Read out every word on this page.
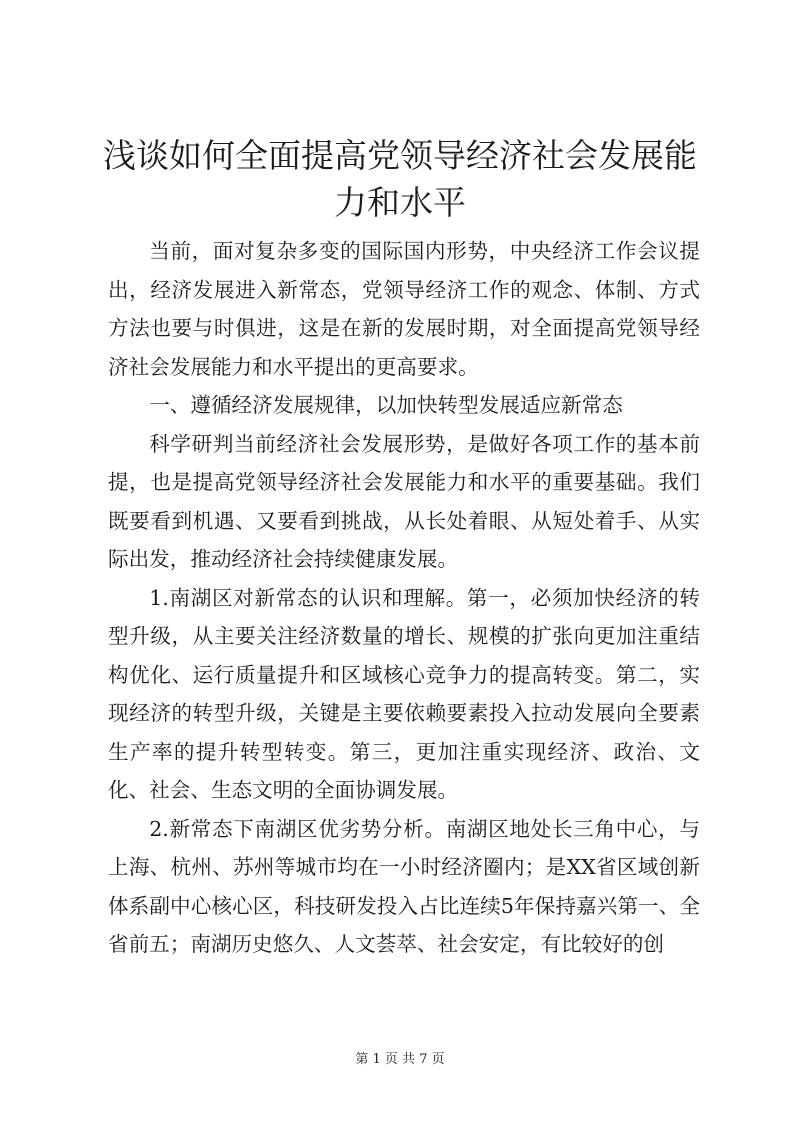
浅谈如何全面提高党领导经济社会发展能力和水平

当前，面对复杂多变的国际国内形势，中央经济工作会议提出，经济发展进入新常态，党领导经济工作的观念、体制、方式方法也要与时俱进，这是在新的发展时期，对全面提高党领导经济社会发展能力和水平提出的更高要求。

一、遵循经济发展规律，以加快转型发展适应新常态

科学研判当前经济社会发展形势，是做好各项工作的基本前提，也是提高党领导经济社会发展能力和水平的重要基础。我们既要看到机遇、又要看到挑战，从长处着眼、从短处着手、从实际出发，推动经济社会持续健康发展。

1.南湖区对新常态的认识和理解。第一，必须加快经济的转型升级，从主要关注经济数量的增长、规模的扩张向更加注重结构优化、运行质量提升和区域核心竞争力的提高转变。第二，实现经济的转型升级，关键是主要依赖要素投入拉动发展向全要素生产率的提升转型转变。第三，更加注重实现经济、政治、文化、社会、生态文明的全面协调发展。

2.新常态下南湖区优劣势分析。南湖区地处长三角中心，与上海、杭州、苏州等城市均在一小时经济圈内；是XX省区域创新体系副中心核心区，科技研发投入占比连续5年保持嘉兴第一、全省前五；南湖历史悠久、人文荟萃、社会安定，有比较好的创

第 1 页 共 7 页
